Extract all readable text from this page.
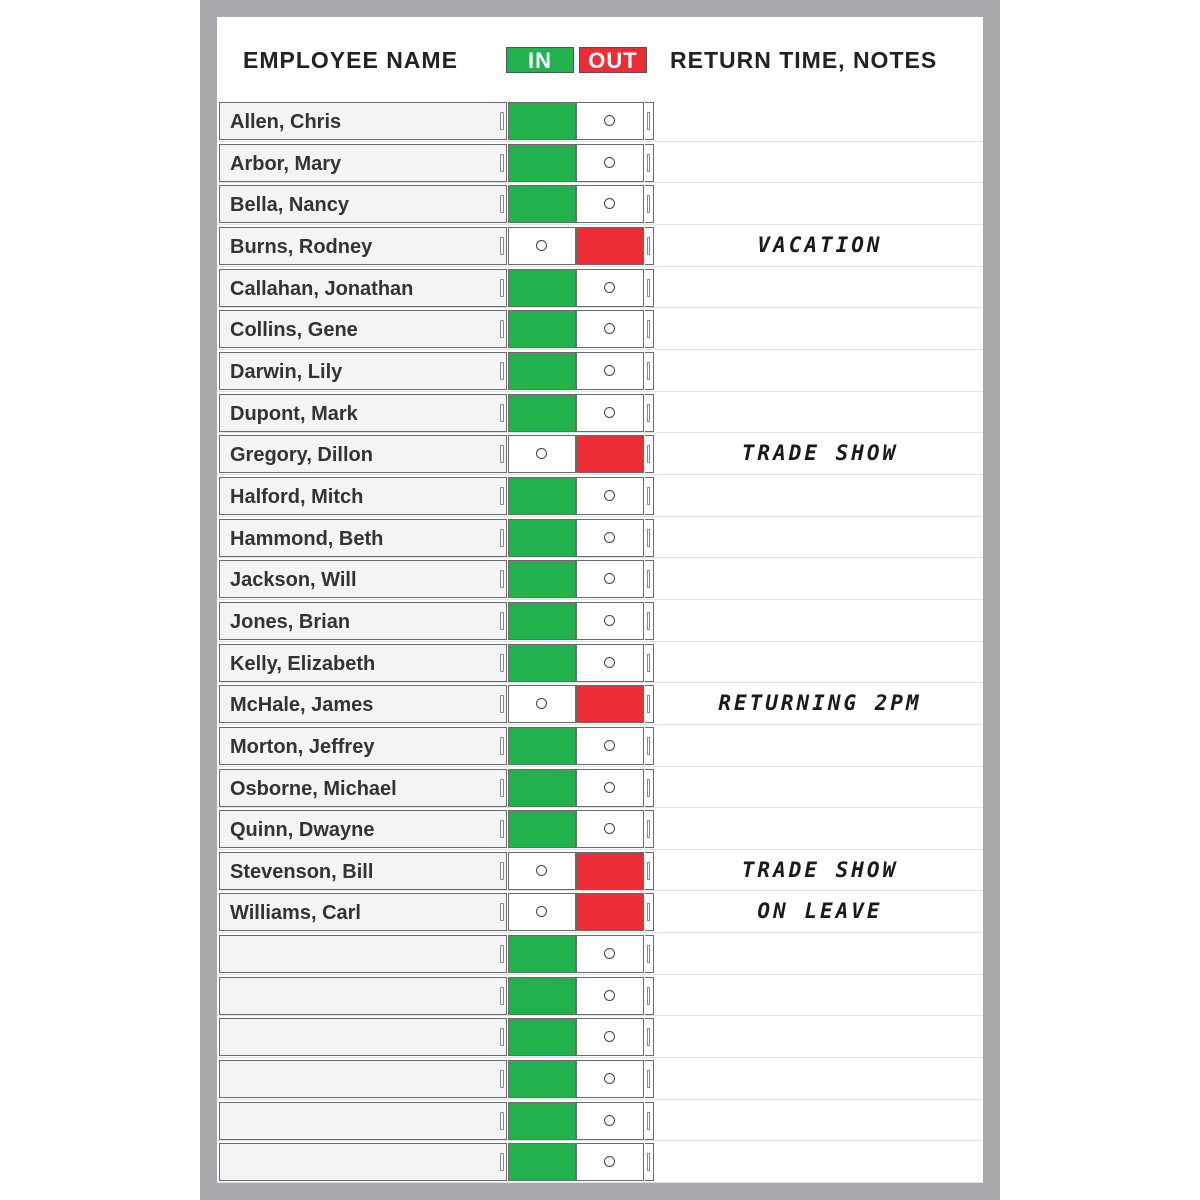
EMPLOYEE NAME	IN	OUT	RETURN TIME, NOTES
Allen, Chris
Arbor, Mary
Bella, Nancy
Burns, Rodney	VACATION
Callahan, Jonathan
Collins, Gene
Darwin, Lily
Dupont, Mark
Gregory, Dillon	TRADE SHOW
Halford, Mitch
Hammond, Beth
Jackson, Will
Jones, Brian
Kelly, Elizabeth
McHale, James	RETURNING 2PM
Morton, Jeffrey
Osborne, Michael
Quinn, Dwayne
Stevenson, Bill	TRADE SHOW
Williams, Carl	ON LEAVE
